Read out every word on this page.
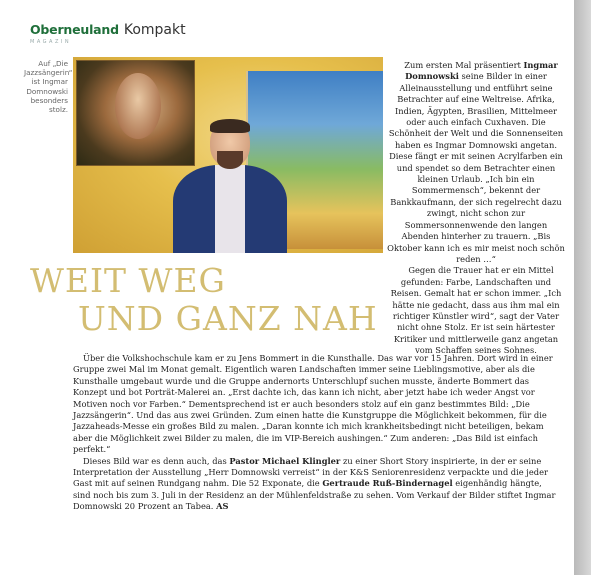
Oberneuland Kompakt
MAGAZIN
Auf „Die Jazzsängerin“ ist Ingmar Domnowski besonders stolz.
WEIT WEG
UND GANZ NAH

Zum ersten Mal präsentiert Ingmar Domnowski seine Bilder in einer Alleinausstellung und entführt seine Betrachter auf eine Weltreise. Afrika, Indien, Ägypten, Brasilien, Mittelmeer oder auch einfach Cuxhaven. Die Schönheit der Welt und die Sonnenseiten haben es Ingmar Domnowski angetan. Diese fängt er mit seinen Acrylfarben ein und spendet so dem Betrachter einen kleinen Urlaub. „Ich bin ein Sommermensch“, bekennt der Bankkaufmann, der sich regelrecht dazu zwingt, nicht schon zur Sommersonnenwende den langen Abenden hinterher zu trauern. „Bis Oktober kann ich es mir meist noch schön reden …“

Gegen die Trauer hat er ein Mittel gefunden: Farbe, Landschaften und Reisen. Gemalt hat er schon immer. „Ich hätte nie gedacht, dass aus ihm mal ein richtiger Künstler wird“, sagt der Vater nicht ohne Stolz. Er ist sein härtester Kritiker und mittlerweile ganz angetan vom Schaffen seines Sohnes.

Über die Volkshochschule kam er zu Jens Bommert in die Kunsthalle. Das war vor 15 Jahren. Dort wird in einer Gruppe zwei Mal im Monat gemalt. Eigentlich waren Landschaften immer seine Lieblingsmotive, aber als die Kunsthalle umgebaut wurde und die Gruppe andernorts Unterschlupf suchen musste, änderte Bommert das Konzept und bot Porträt-Malerei an. „Erst dachte ich, das kann ich nicht, aber jetzt habe ich weder Angst vor Motiven noch vor Farben.“ Dementsprechend ist er auch besonders stolz auf ein ganz bestimmtes Bild: „Die Jazzsängerin“. Und das aus zwei Gründen. Zum einen hatte die Kunstgruppe die Möglichkeit bekommen, für die Jazzaheads-Messe ein großes Bild zu malen. „Daran konnte ich mich krankheitsbedingt nicht beteiligen, bekam aber die Möglichkeit zwei Bilder zu malen, die im VIP-Bereich aushingen.“ Zum anderen: „Das Bild ist einfach perfekt.“

Dieses Bild war es denn auch, das Pastor Michael Klingler zu einer Short Story inspirierte, in der er seine Interpretation der Ausstellung „Herr Domnowski verreist“ in der K&S Seniorenresidenz verpackte und die jeder Gast mit auf seinen Rundgang nahm. Die 52 Exponate, die Gertraude Ruß-Bindernagel eigenhändig hängte, sind noch bis zum 3. Juli in der Residenz an der Mühlenfeldstraße zu sehen. Vom Verkauf der Bilder stiftet Ingmar Domnowski 20 Prozent an Tabea. AS
